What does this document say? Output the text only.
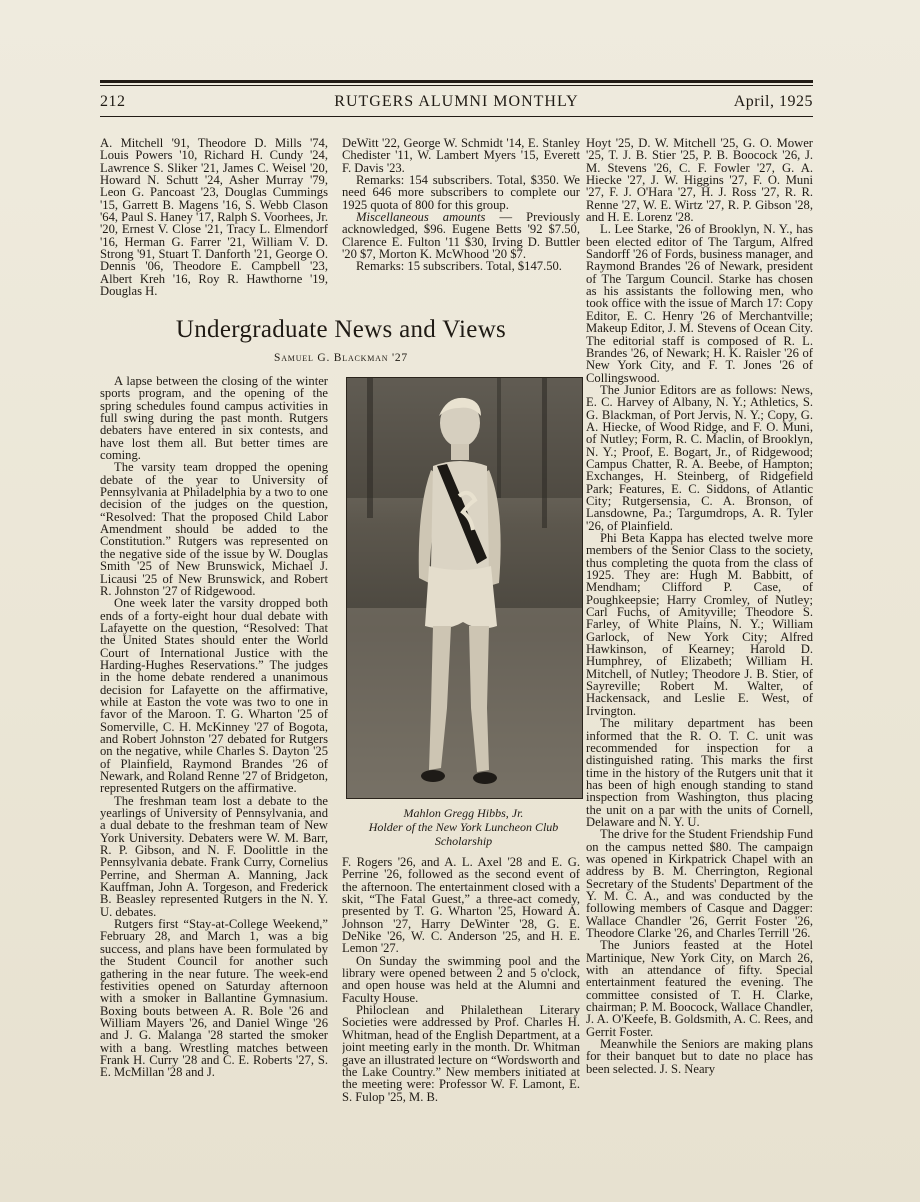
212	RUTGERS ALUMNI MONTHLY	April, 1925

A. Mitchell '91, Theodore D. Mills '74, Louis Powers '10, Richard H. Cundy '24, Lawrence S. Sliker '21, James C. Weisel '20, Howard N. Schutt '24, Asher Murray '79, Leon G. Pancoast '23, Douglas Cummings '15, Garrett B. Magens '16, S. Webb Clason '64, Paul S. Haney '17, Ralph S. Voorhees, Jr. '20, Ernest V. Close '21, Tracy L. Elmendorf '16, Herman G. Farrer '21, William V. D. Strong '91, Stuart T. Danforth '21, George O. Dennis '06, Theodore E. Campbell '23, Albert Kreh '16, Roy R. Hawthorne '19, Douglas H.

DeWitt '22, George W. Schmidt '14, E. Stanley Chedister '11, W. Lambert Myers '15, Everett F. Davis '23.

Remarks: 154 subscribers. Total, $350. We need 646 more subscribers to complete our 1925 quota of 800 for this group.

Miscellaneous amounts — Previously acknowledged, $96. Eugene Betts '92 $7.50, Clarence E. Fulton '11 $30, Irving D. Buttler '20 $7, Morton K. McWhood '20 $7.

Remarks: 15 subscribers. Total, $147.50.

Undergraduate News and Views
Samuel G. Blackman '27

A lapse between the closing of the winter sports program, and the opening of the spring schedules found campus activities in full swing during the past month. Rutgers debaters have entered in six contests, and have lost them all. But better times are coming.

The varsity team dropped the opening debate of the year to University of Pennsylvania at Philadelphia by a two to one decision of the judges on the question, “Resolved: That the proposed Child Labor Amendment should be added to the Constitution.” Rutgers was represented on the negative side of the issue by W. Douglas Smith '25 of New Brunswick, Michael J. Licausi '25 of New Brunswick, and Robert R. Johnston '27 of Ridgewood.

One week later the varsity dropped both ends of a forty-eight hour dual debate with Lafayette on the question, “Resolved: That the United States should enter the World Court of International Justice with the Harding-Hughes Reservations.” The judges in the home debate rendered a unanimous decision for Lafayette on the affirmative, while at Easton the vote was two to one in favor of the Maroon. T. G. Wharton '25 of Somerville, C. H. McKinney '27 of Bogota, and Robert Johnston '27 debated for Rutgers on the negative, while Charles S. Dayton '25 of Plainfield, Raymond Brandes '26 of Newark, and Roland Renne '27 of Bridgeton, represented Rutgers on the affirmative.

The freshman team lost a debate to the yearlings of University of Pennsylvania, and a dual debate to the freshman team of New York University. Debaters were W. M. Barr, R. P. Gibson, and N. F. Doolittle in the Pennsylvania debate. Frank Curry, Cornelius Perrine, and Sherman A. Manning, Jack Kauffman, John A. Torgeson, and Frederick B. Beasley represented Rutgers in the N. Y. U. debates.

Rutgers first “Stay-at-College Weekend,” February 28, and March 1, was a big success, and plans have been formulated by the Student Council for another such gathering in the near future. The week-end festivities opened on Saturday afternoon with a smoker in Ballantine Gymnasium. Boxing bouts between A. R. Bole '26 and William Mayers '26, and Daniel Winge '26 and J. G. Malanga '28 started the smoker with a bang. Wrestling matches between Frank H. Curry '28 and C. E. Roberts '27, S. E. McMillan '28 and J.

Mahlon Gregg Hibbs, Jr.
Holder of the New York Luncheon Club Scholarship

F. Rogers '26, and A. L. Axel '28 and E. G. Perrine '26, followed as the second event of the afternoon. The entertainment closed with a skit, “The Fatal Guest,” a three-act comedy, presented by T. G. Wharton '25, Howard A. Johnson '27, Harry DeWinter '28, G. E. DeNike '26, W. C. Anderson '25, and H. E. Lemon '27.

On Sunday the swimming pool and the library were opened between 2 and 5 o'clock, and open house was held at the Alumni and Faculty House.

Philoclean and Philalethean Literary Societies were addressed by Prof. Charles H. Whitman, head of the English Department, at a joint meeting early in the month. Dr. Whitman gave an illustrated lecture on “Wordsworth and the Lake Country.” New members initiated at the meeting were: Professor W. F. Lamont, E. S. Fulop '25, M. B.

Hoyt '25, D. W. Mitchell '25, G. O. Mower '25, T. J. B. Stier '25, P. B. Boocock '26, J. M. Stevens '26, C. F. Fowler '27, G. A. Hiecke '27, J. W. Higgins '27, F. O. Muni '27, F. J. O'Hara '27, H. J. Ross '27, R. R. Renne '27, W. E. Wirtz '27, R. P. Gibson '28, and H. E. Lorenz '28.

L. Lee Starke, '26 of Brooklyn, N. Y., has been elected editor of The Targum, Alfred Sandorff '26 of Fords, business manager, and Raymond Brandes '26 of Newark, president of The Targum Council. Starke has chosen as his assistants the following men, who took office with the issue of March 17: Copy Editor, E. C. Henry '26 of Merchantville; Makeup Editor, J. M. Stevens of Ocean City. The editorial staff is composed of R. L. Brandes '26, of Newark; H. K. Raisler '26 of New York City, and F. T. Jones '26 of Collingswood.

The Junior Editors are as follows: News, E. C. Harvey of Albany, N. Y.; Athletics, S. G. Blackman, of Port Jervis, N. Y.; Copy, G. A. Hiecke, of Wood Ridge, and F. O. Muni, of Nutley; Form, R. C. Maclin, of Brooklyn, N. Y.; Proof, E. Bogart, Jr., of Ridgewood; Campus Chatter, R. A. Beebe, of Hampton; Exchanges, H. Steinberg, of Ridgefield Park; Features, E. C. Siddons, of Atlantic City; Rutgersensia, C. A. Bronson, of Lansdowne, Pa.; Targumdrops, A. R. Tyler '26, of Plainfield.

Phi Beta Kappa has elected twelve more members of the Senior Class to the society, thus completing the quota from the class of 1925. They are: Hugh M. Babbitt, of Mendham; Clifford P. Case, of Poughkeepsie; Harry Cromley, of Nutley; Carl Fuchs, of Amityville; Theodore S. Farley, of White Plains, N. Y.; William Garlock, of New York City; Alfred Hawkinson, of Kearney; Harold D. Humphrey, of Elizabeth; William H. Mitchell, of Nutley; Theodore J. B. Stier, of Sayreville; Robert M. Walter, of Hackensack, and Leslie E. West, of Irvington.

The military department has been informed that the R. O. T. C. unit was recommended for inspection for a distinguished rating. This marks the first time in the history of the Rutgers unit that it has been of high enough standing to stand inspection from Washington, thus placing the unit on a par with the units of Cornell, Delaware and N. Y. U.

The drive for the Student Friendship Fund on the campus netted $80. The campaign was opened in Kirkpatrick Chapel with an address by B. M. Cherrington, Regional Secretary of the Students' Department of the Y. M. C. A., and was conducted by the following members of Casque and Dagger: Wallace Chandler '26, Gerrit Foster '26, Theodore Clarke '26, and Charles Terrill '26.

The Juniors feasted at the Hotel Martinique, New York City, on March 26, with an attendance of fifty. Special entertainment featured the evening. The committee consisted of T. H. Clarke, chairman; P. M. Boocock, Wallace Chandler, J. A. O'Keefe, B. Goldsmith, A. C. Rees, and Gerrit Foster.

Meanwhile the Seniors are making plans for their banquet but to date no place has been selected. J. S. Neary
